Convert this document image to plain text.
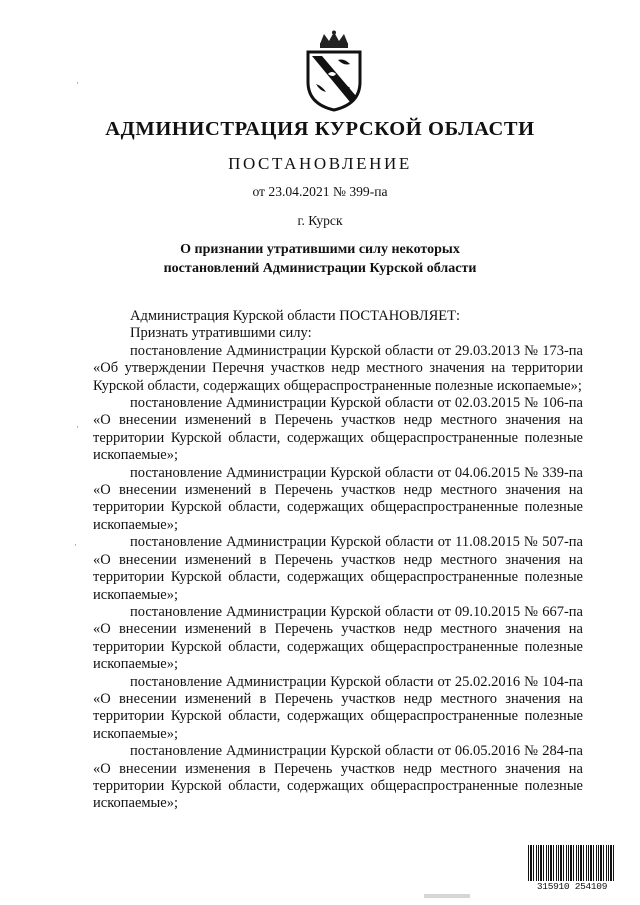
АДМИНИСТРАЦИЯ КУРСКОЙ ОБЛАСТИ
ПОСТАНОВЛЕНИЕ
от 23.04.2021 № 399-па
г. Курск
О признании утратившими силу некоторых
постановлений Администрации Курской области
·
·
·

Администрация Курской области ПОСТАНОВЛЯЕТ:

Признать утратившими силу:

постановление Администрации Курской области от 29.03.2013 № 173-па «Об утверждении Перечня участков недр местного значения на территории Курской области, содержащих общераспространенные полезные ископаемые»;

постановление Администрации Курской области от 02.03.2015 № 106-па «О внесении изменений в Перечень участков недр местного значения на территории Курской области, содержащих общераспространенные полезные ископаемые»;

постановление Администрации Курской области от 04.06.2015 № 339-па «О внесении изменений в Перечень участков недр местного значения на территории Курской области, содержащих общераспространенные полезные ископаемые»;

постановление Администрации Курской области от 11.08.2015 № 507-па «О внесении изменений в Перечень участков недр местного значения на территории Курской области, содержащих общераспространенные полезные ископаемые»;

постановление Администрации Курской области от 09.10.2015 № 667-па «О внесении изменений в Перечень участков недр местного значения на территории Курской области, содержащих общераспространенные полезные ископаемые»;

постановление Администрации Курской области от 25.02.2016 № 104-па «О внесении изменений в Перечень участков недр местного значения на территории Курской области, содержащих общераспространенные полезные ископаемые»;

постановление Администрации Курской области от 06.05.2016 № 284-па «О внесении изменения в Перечень участков недр местного значения на территории Курской области, содержащих общераспространенные полезные ископаемые»;

315910 254109
